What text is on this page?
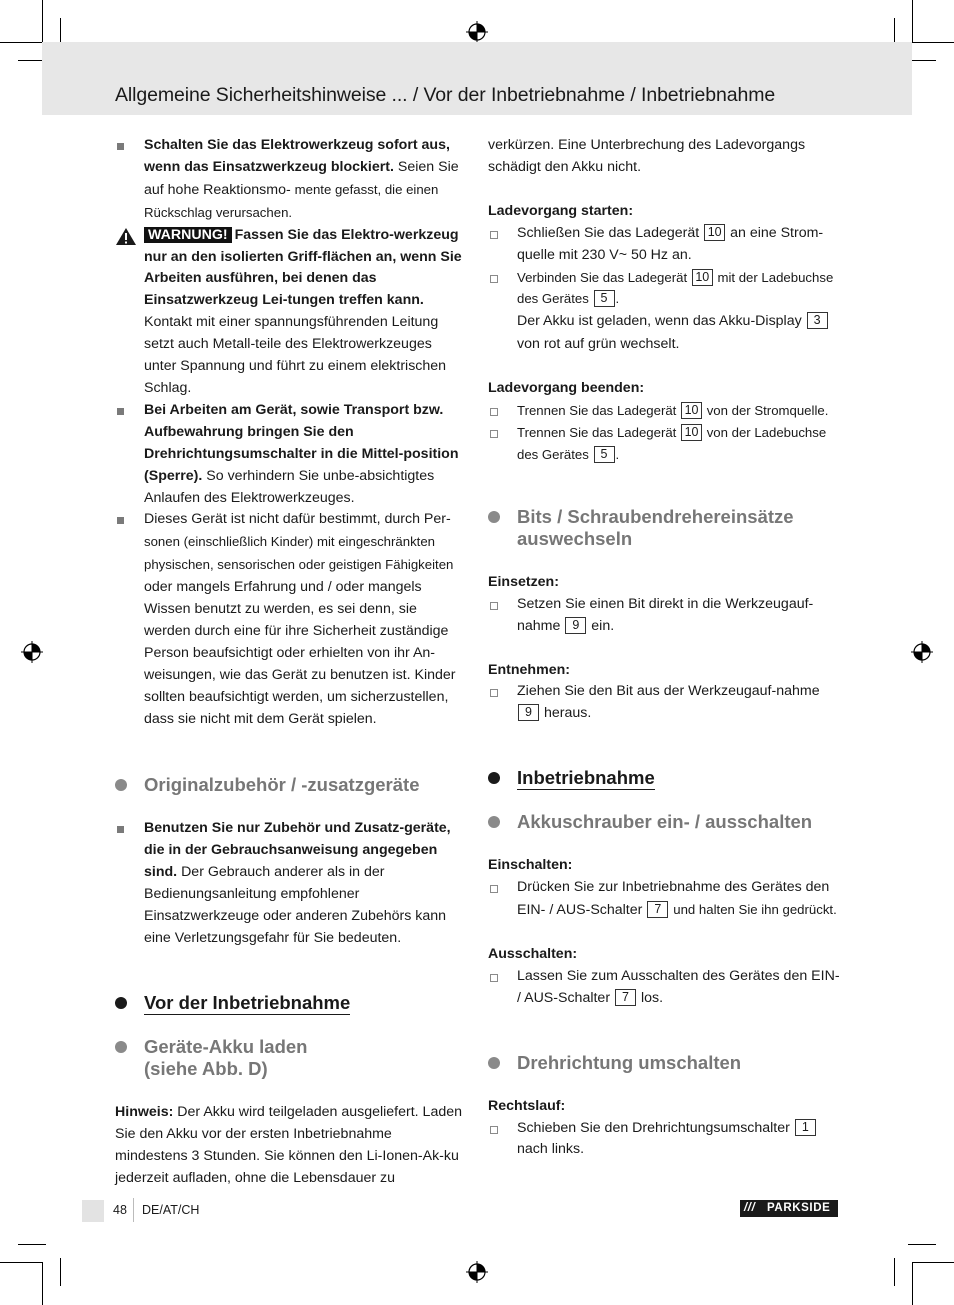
Allgemeine Sicherheitshinweise ... / Vor der Inbetriebnahme / Inbetriebnahme

Schalten Sie das Elektrowerkzeug sofort aus, wenn das Einsatzwerkzeug blockiert. Seien Sie auf hohe Reaktionsmo- mente gefasst, die einen Rückschlag verursachen.

WARNUNG! Fassen Sie das Elektro-werkzeug nur an den isolierten Griff-flächen an, wenn Sie Arbeiten ausführen, bei denen das Einsatzwerkzeug Lei-tungen treffen kann. Kontakt mit einer spannungsführenden Leitung setzt auch Metall-teile des Elektrowerkzeuges unter Spannung und führt zu einem elektrischen Schlag.

Bei Arbeiten am Gerät, sowie Transport bzw. Aufbewahrung bringen Sie den Drehrichtungsumschalter in die Mittel-position (Sperre). So verhindern Sie unbe-absichtigtes Anlaufen des Elektrowerkzeuges.

Dieses Gerät ist nicht dafür bestimmt, durch Per- sonen (einschließlich Kinder) mit eingeschränkten physischen, sensorischen oder geistigen Fähigkeiten oder mangels Erfahrung und / oder mangels Wissen benutzt zu werden, es sei denn, sie werden durch eine für ihre Sicherheit zuständige Person beaufsichtigt oder erhielten von ihr An-weisungen, wie das Gerät zu benutzen ist. Kinder sollten beaufsichtigt werden, um sicherzustellen, dass sie nicht mit dem Gerät spielen.

Originalzubehör / -zusatzgeräte

Benutzen Sie nur Zubehör und Zusatz-geräte, die in der Gebrauchsanweisung angegeben sind. Der Gebrauch anderer als in der Bedienungsanleitung empfohlener Einsatzwerkzeuge oder anderen Zubehörs kann eine Verletzungsgefahr für Sie bedeuten.

Vor der Inbetriebnahme
Geräte-Akku laden
(siehe Abb. D)

Hinweis: Der Akku wird teilgeladen ausgeliefert. Laden Sie den Akku vor der ersten Inbetriebnahme mindestens 3 Stunden. Sie können den Li-Ionen-Ak-ku jederzeit aufladen, ohne die Lebensdauer zu

verkürzen. Eine Unterbrechung des Ladevorgangs schädigt den Akku nicht.

Ladevorgang starten:

Schließen Sie das Ladegerät 10 an eine Strom-quelle mit 230 V~ 50 Hz an.

Verbinden Sie das Ladegerät 10 mit der Ladebuchse des Gerätes 5 .
Der Akku ist geladen, wenn das Akku-Display 3 von rot auf grün wechselt.

Ladevorgang beenden:

Trennen Sie das Ladegerät 10 von der Stromquelle.

Trennen Sie das Ladegerät 10 von der Ladebuchse des Gerätes 5 .

Bits / Schraubendrehereinsätze
auswechseln

Einsetzen:

Setzen Sie einen Bit direkt in die Werkzeugauf-nahme 9 ein.

Entnehmen:

Ziehen Sie den Bit aus der Werkzeugauf-nahme 9 heraus.

Inbetriebnahme
Akkuschrauber ein- / ausschalten

Einschalten:

Drücken Sie zur Inbetriebnahme des Gerätes den EIN- / AUS-Schalter 7 und halten Sie ihn gedrückt.

Ausschalten:

Lassen Sie zum Ausschalten des Gerätes den EIN- / AUS-Schalter 7 los.

Drehrichtung umschalten

Rechtslauf:

Schieben Sie den Drehrichtungsumschalter 1
nach links.

48 DE/AT/CH	/// PARKSIDE
